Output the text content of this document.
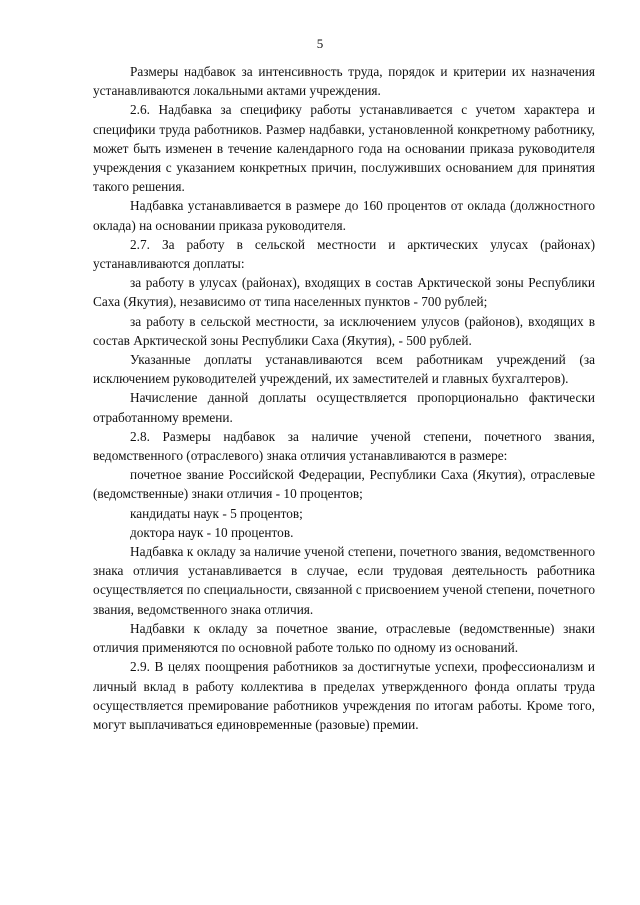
5

Размеры надбавок за интенсивность труда, порядок и критерии их назначения устанавливаются локальными актами учреждения.

2.6. Надбавка за специфику работы устанавливается с учетом характера и специфики труда работников. Размер надбавки, установленной конкретному работнику, может быть изменен в течение календарного года на основании приказа руководителя учреждения с указанием конкретных причин, послуживших основанием для принятия такого решения.

Надбавка устанавливается в размере до 160 процентов от оклада (должностного оклада) на основании приказа руководителя.

2.7. За работу в сельской местности и арктических улусах (районах) устанавливаются доплаты:

за работу в улусах (районах), входящих в состав Арктической зоны Республики Саха (Якутия), независимо от типа населенных пунктов - 700 рублей;

за работу в сельской местности, за исключением улусов (районов), входящих в состав Арктической зоны Республики Саха (Якутия), - 500 рублей.

Указанные доплаты устанавливаются всем работникам учреждений (за исключением руководителей учреждений, их заместителей и главных бухгалтеров).

Начисление данной доплаты осуществляется пропорционально фактически отработанному времени.

2.8. Размеры надбавок за наличие ученой степени, почетного звания, ведомственного (отраслевого) знака отличия устанавливаются в размере:

почетное звание Российской Федерации, Республики Саха (Якутия), отраслевые (ведомственные) знаки отличия - 10 процентов;

кандидаты наук - 5 процентов;

доктора наук - 10 процентов.

Надбавка к окладу за наличие ученой степени, почетного звания, ведомственного знака отличия устанавливается в случае, если трудовая деятельность работника осуществляется по специальности, связанной с присвоением ученой степени, почетного звания, ведомственного знака отличия.

Надбавки к окладу за почетное звание, отраслевые (ведомственные) знаки отличия применяются по основной работе только по одному из оснований.

2.9. В целях поощрения работников за достигнутые успехи, профессионализм и личный вклад в работу коллектива в пределах утвержденного фонда оплаты труда осуществляется премирование работников учреждения по итогам работы. Кроме того, могут выплачиваться единовременные (разовые) премии.
